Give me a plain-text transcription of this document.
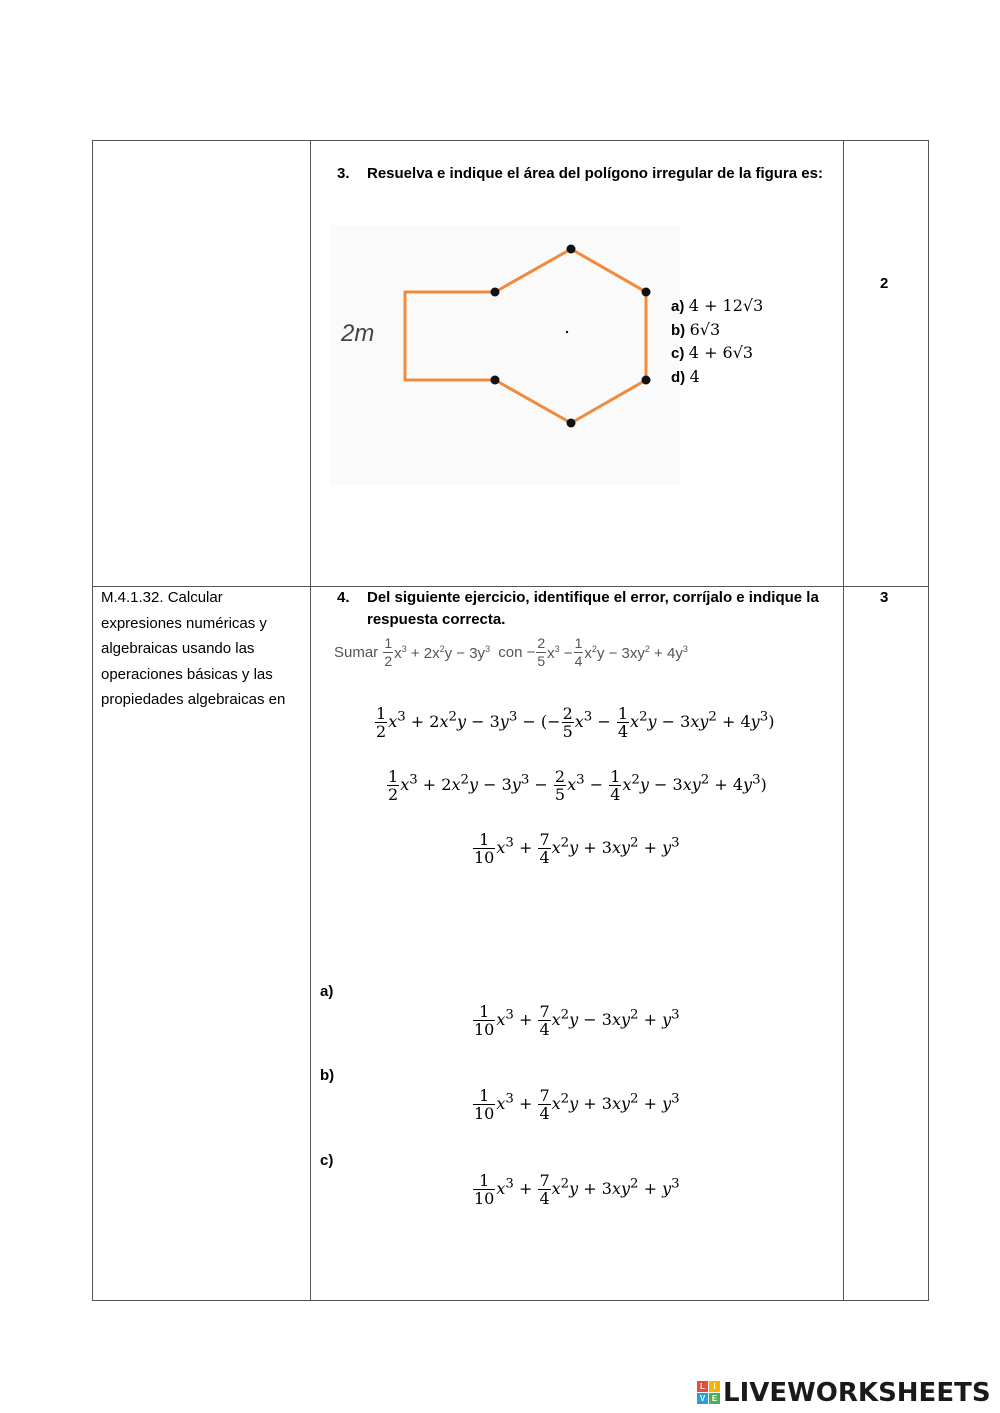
3. Resuelva e indique el área del polígono irregular de la figura es:
2m
a) 4 + 12√3
b) 6√3
c) 4 + 6√3
d) 4
2
M.4.1.32. Calcular expresiones numéricas y algebraicas usando las operaciones básicas y las propiedades algebraicas en
4. Del siguiente ejercicio, identifique el error, corríjalo e indique la respuesta correcta.
Sumar $\frac{1}{2} x^3 + 2x^2y - 3y^3$ con − $\frac{2}{5} x^3 - \frac{1}{4} x^2y - 3xy^2 + 4y^3$
$\frac{1}{2} x^3 + 2x^2y - 3y^3$ − (− $\frac{2}{5} x^3 - \frac{1}{4} x^2y - 3xy^2 + 4y^3$)
$\frac{1}{2} x^3 + 2x^2y - 3y^3 - \frac{2}{5} x^3 - \frac{1}{4} x^2y - 3xy^2 + 4y^3$)
$\frac{1}{10} x^3 + \frac{7}{4} x^2y + 3xy^2 + y^3$
a)
$\frac{1}{10} x^3 + \frac{7}{4} x^2y - 3xy^2 + y^3$
b)
$\frac{1}{10} x^3 + \frac{7}{4} x^2y + 3xy^2 + y^3$
c)
$\frac{1}{10} x^3 + \frac{7}{4} x^2y + 3xy^2 + y^3$
3
L	I
V E LIVEWORKSHEETS
